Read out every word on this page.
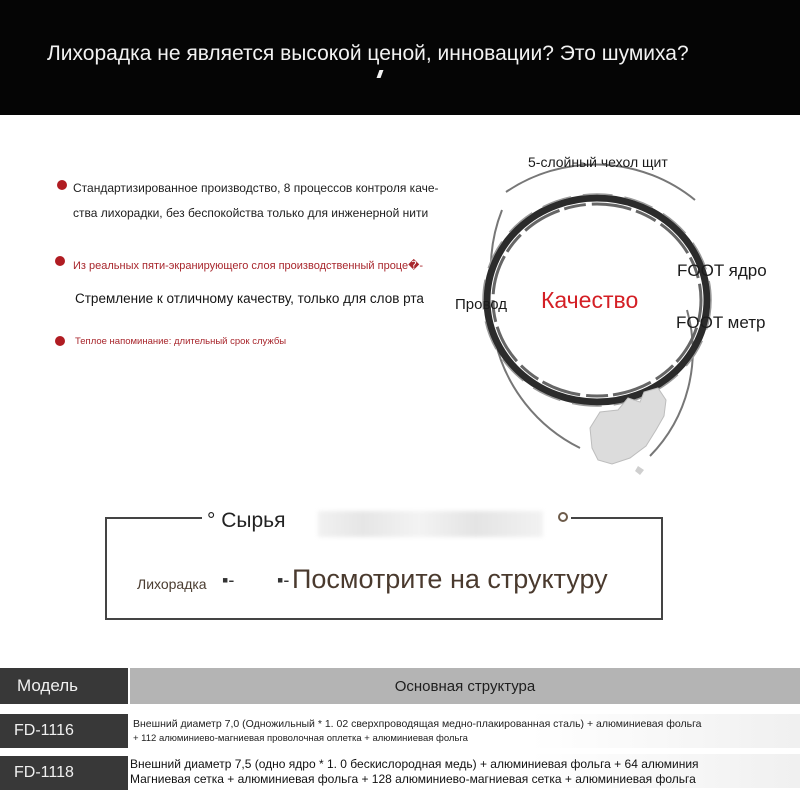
Лихорадка не является высокой ценой, инновации? Это шумиха?
Стандартизированное производство, 8 процессов контроля каче-
ства лихорадки, без беспокойства только для инженерной нити
Из реальных пяти-экранирующего слоя производственный проце�-
Стремление к отличному качеству, только для слов рта
Теплое напоминание: длительный срок службы
5-слойный чехол щит
FOOT ядро
FOOT метр
Провод Качество
° Сырья
Лихорадка ▪- ▪- Посмотрите на структуру
Модель	Основная структура
FD-1116	Внешний диаметр 7,0 (Одножильный * 1. 02 сверхпроводящая медно-плакированная сталь) + алюминиевая фольга
+ 112 алюминиево-магниевая проволочная оплетка + алюминиевая фольга
FD-1118	Внешний диаметр 7,5 (одно ядро * 1. 0 бескислородная медь) + алюминиевая фольга + 64 алюминия
Магниевая сетка + алюминиевая фольга + 128 алюминиево-магниевая сетка + алюминиевая фольга
